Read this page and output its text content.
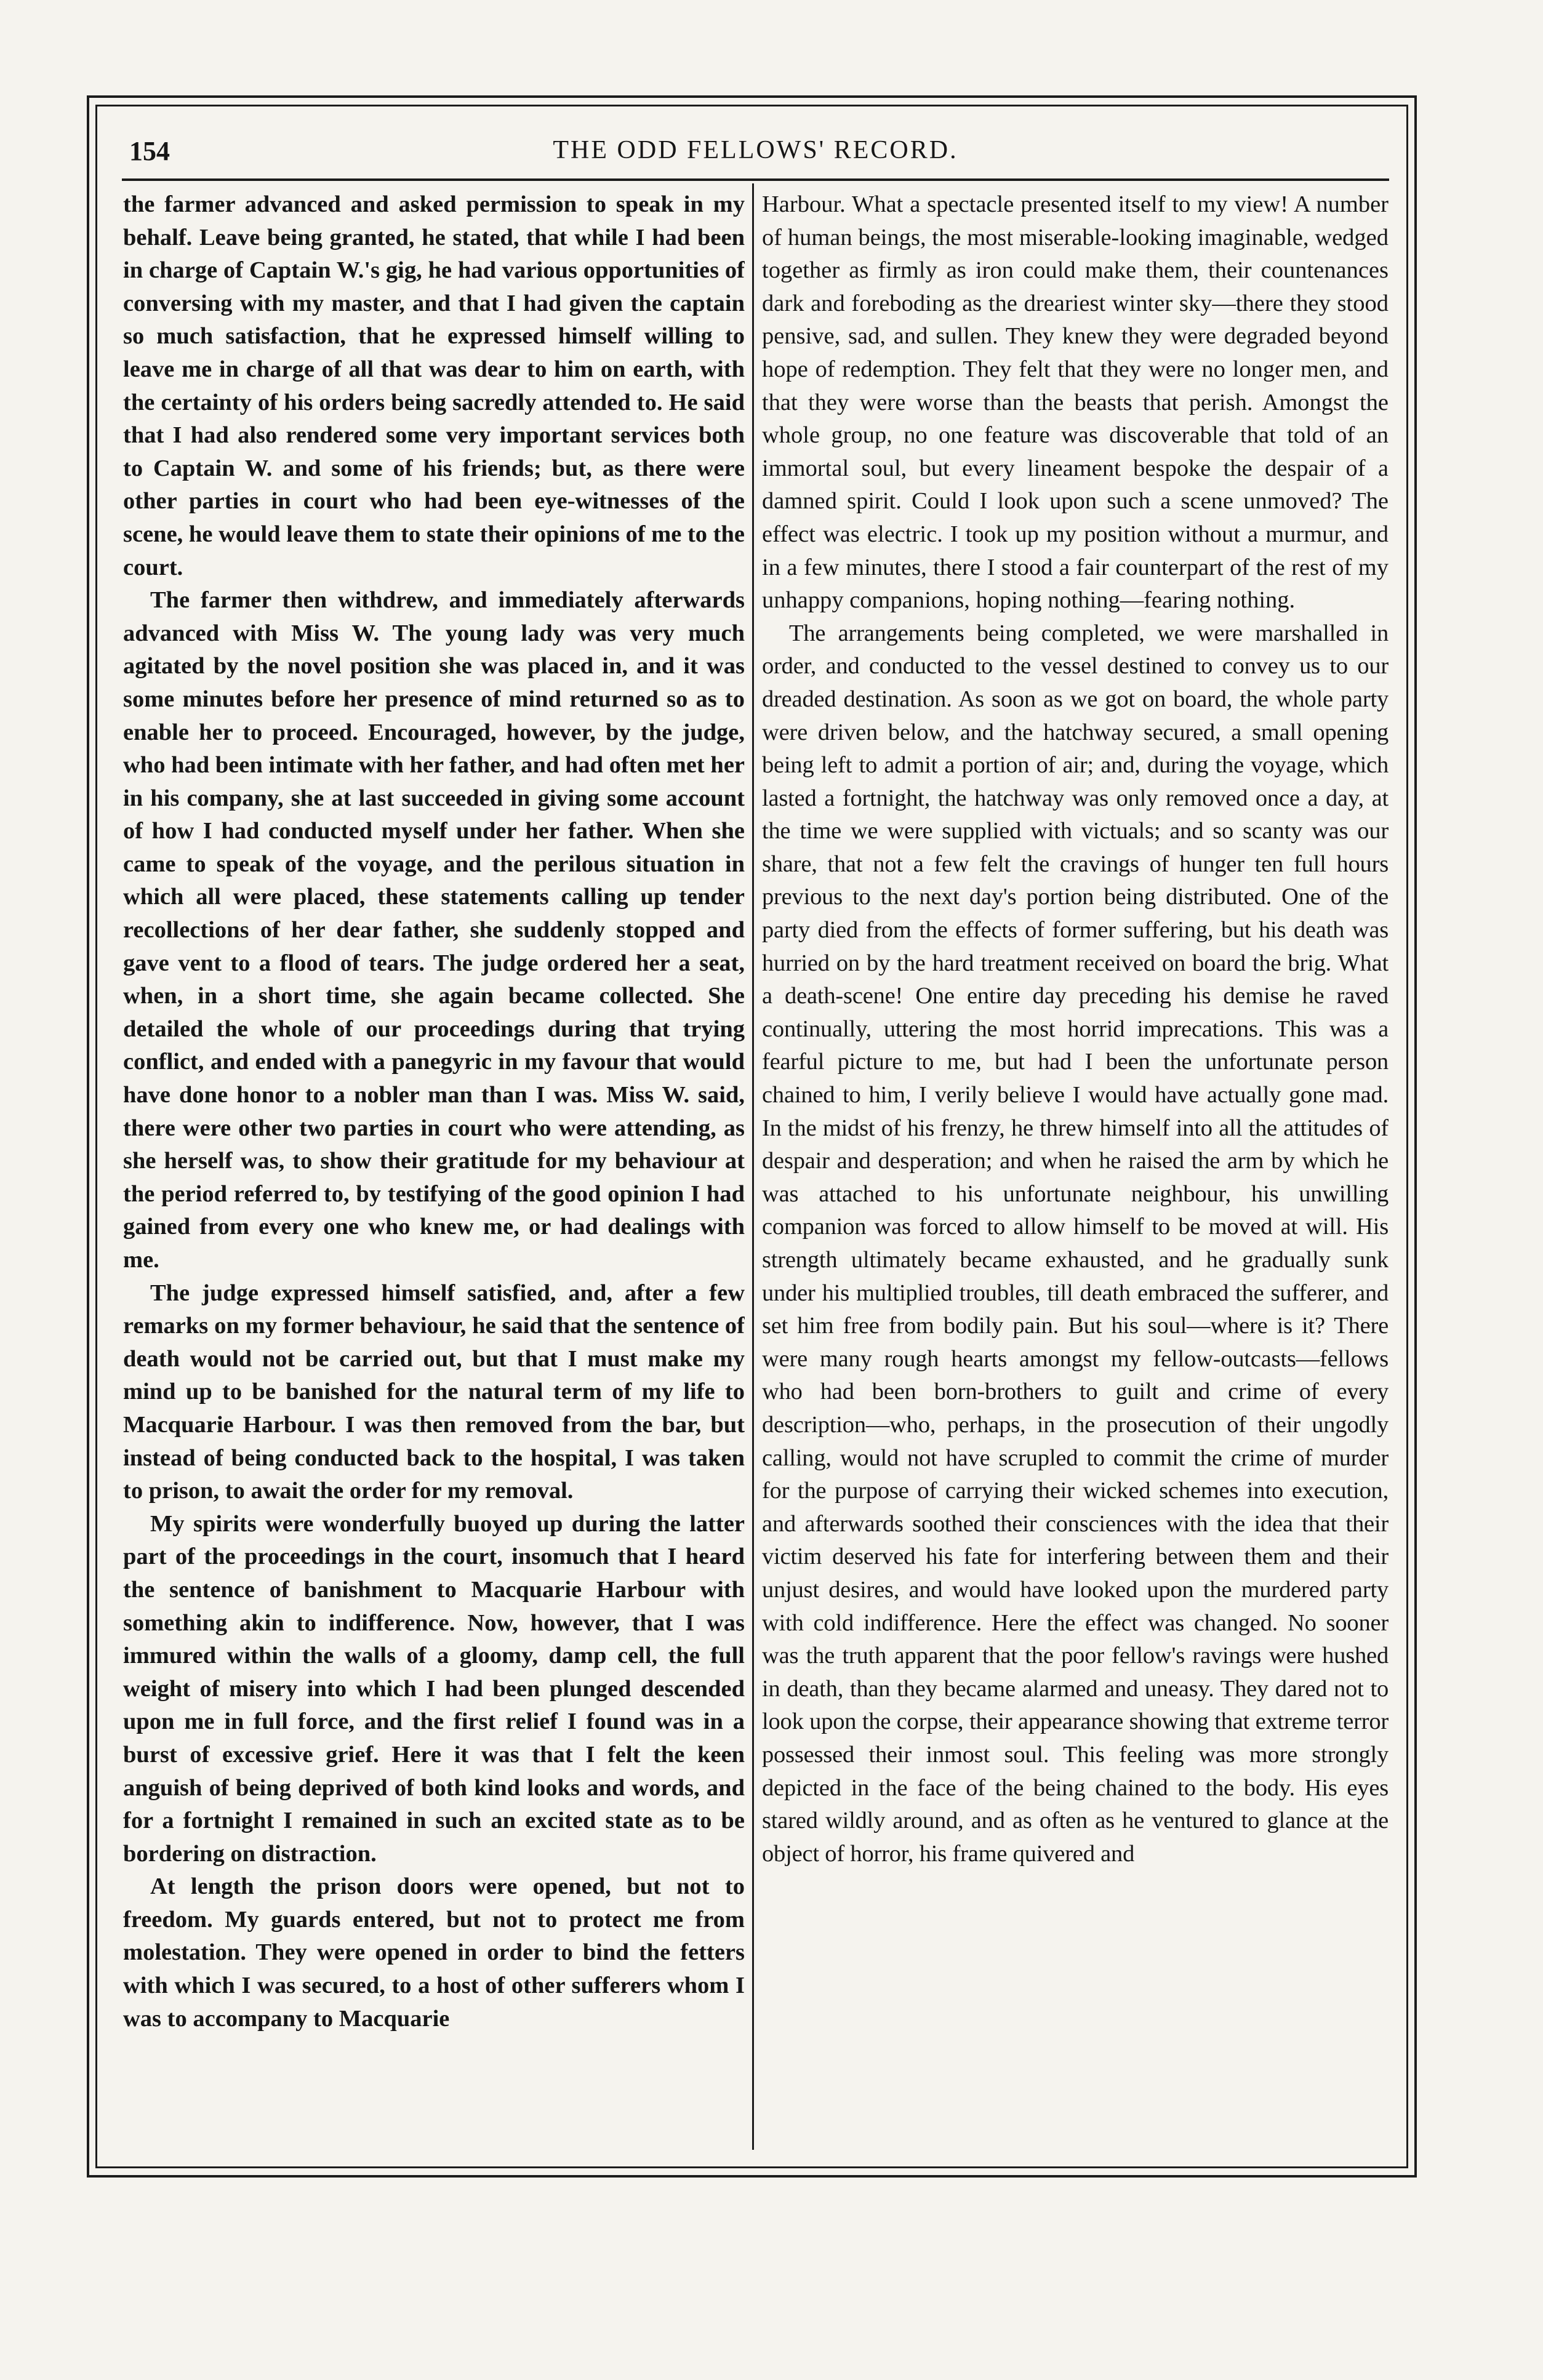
154	THE ODD FELLOWS' RECORD.

the farmer advanced and asked permission to speak in my behalf. Leave being granted, he stated, that while I had been in charge of Captain W.'s gig, he had various opportunities of conversing with my master, and that I had given the captain so much satisfaction, that he expressed himself willing to leave me in charge of all that was dear to him on earth, with the certainty of his orders being sacredly attended to. He said that I had also rendered some very important services both to Captain W. and some of his friends; but, as there were other parties in court who had been eye-witnesses of the scene, he would leave them to state their opinions of me to the court.

The farmer then withdrew, and immediately afterwards advanced with Miss W. The young lady was very much agitated by the novel position she was placed in, and it was some minutes before her presence of mind returned so as to enable her to proceed. Encouraged, however, by the judge, who had been intimate with her father, and had often met her in his company, she at last succeeded in giving some account of how I had conducted myself under her father. When she came to speak of the voyage, and the perilous situation in which all were placed, these statements calling up tender recollections of her dear father, she suddenly stopped and gave vent to a flood of tears. The judge ordered her a seat, when, in a short time, she again became collected. She detailed the whole of our proceedings during that trying conflict, and ended with a panegyric in my favour that would have done honor to a nobler man than I was. Miss W. said, there were other two parties in court who were attending, as she herself was, to show their gratitude for my behaviour at the period referred to, by testifying of the good opinion I had gained from every one who knew me, or had dealings with me.

The judge expressed himself satisfied, and, after a few remarks on my former behaviour, he said that the sentence of death would not be carried out, but that I must make my mind up to be banished for the natural term of my life to Macquarie Harbour. I was then removed from the bar, but instead of being conducted back to the hospital, I was taken to prison, to await the order for my removal.

My spirits were wonderfully buoyed up during the latter part of the proceedings in the court, insomuch that I heard the sentence of banishment to Macquarie Harbour with something akin to indifference. Now, however, that I was immured within the walls of a gloomy, damp cell, the full weight of misery into which I had been plunged descended upon me in full force, and the first relief I found was in a burst of excessive grief. Here it was that I felt the keen anguish of being deprived of both kind looks and words, and for a fortnight I remained in such an excited state as to be bordering on distraction.

At length the prison doors were opened, but not to freedom. My guards entered, but not to protect me from molestation. They were opened in order to bind the fetters with which I was secured, to a host of other sufferers whom I was to accompany to Macquarie

Harbour. What a spectacle presented itself to my view! A number of human beings, the most miserable-looking imaginable, wedged together as firmly as iron could make them, their countenances dark and foreboding as the dreariest winter sky—there they stood pensive, sad, and sullen. They knew they were degraded beyond hope of redemption. They felt that they were no longer men, and that they were worse than the beasts that perish. Amongst the whole group, no one feature was discoverable that told of an immortal soul, but every lineament bespoke the despair of a damned spirit. Could I look upon such a scene unmoved? The effect was electric. I took up my position without a murmur, and in a few minutes, there I stood a fair counterpart of the rest of my unhappy companions, hoping nothing—fearing nothing.

The arrangements being completed, we were marshalled in order, and conducted to the vessel destined to convey us to our dreaded destination. As soon as we got on board, the whole party were driven below, and the hatchway secured, a small opening being left to admit a portion of air; and, during the voyage, which lasted a fortnight, the hatchway was only removed once a day, at the time we were supplied with victuals; and so scanty was our share, that not a few felt the cravings of hunger ten full hours previous to the next day's portion being distributed. One of the party died from the effects of former suffering, but his death was hurried on by the hard treatment received on board the brig. What a death-scene! One entire day preceding his demise he raved continually, uttering the most horrid imprecations. This was a fearful picture to me, but had I been the unfortunate person chained to him, I verily believe I would have actually gone mad. In the midst of his frenzy, he threw himself into all the attitudes of despair and desperation; and when he raised the arm by which he was attached to his unfortunate neighbour, his unwilling companion was forced to allow himself to be moved at will. His strength ultimately became exhausted, and he gradually sunk under his multiplied troubles, till death embraced the sufferer, and set him free from bodily pain. But his soul—where is it? There were many rough hearts amongst my fellow-outcasts—fellows who had been born-brothers to guilt and crime of every description—who, perhaps, in the prosecution of their ungodly calling, would not have scrupled to commit the crime of murder for the purpose of carrying their wicked schemes into execution, and afterwards soothed their consciences with the idea that their victim deserved his fate for interfering between them and their unjust desires, and would have looked upon the murdered party with cold indifference. Here the effect was changed. No sooner was the truth apparent that the poor fellow's ravings were hushed in death, than they became alarmed and uneasy. They dared not to look upon the corpse, their appearance showing that extreme terror possessed their inmost soul. This feeling was more strongly depicted in the face of the being chained to the body. His eyes stared wildly around, and as often as he ventured to glance at the object of horror, his frame quivered and
